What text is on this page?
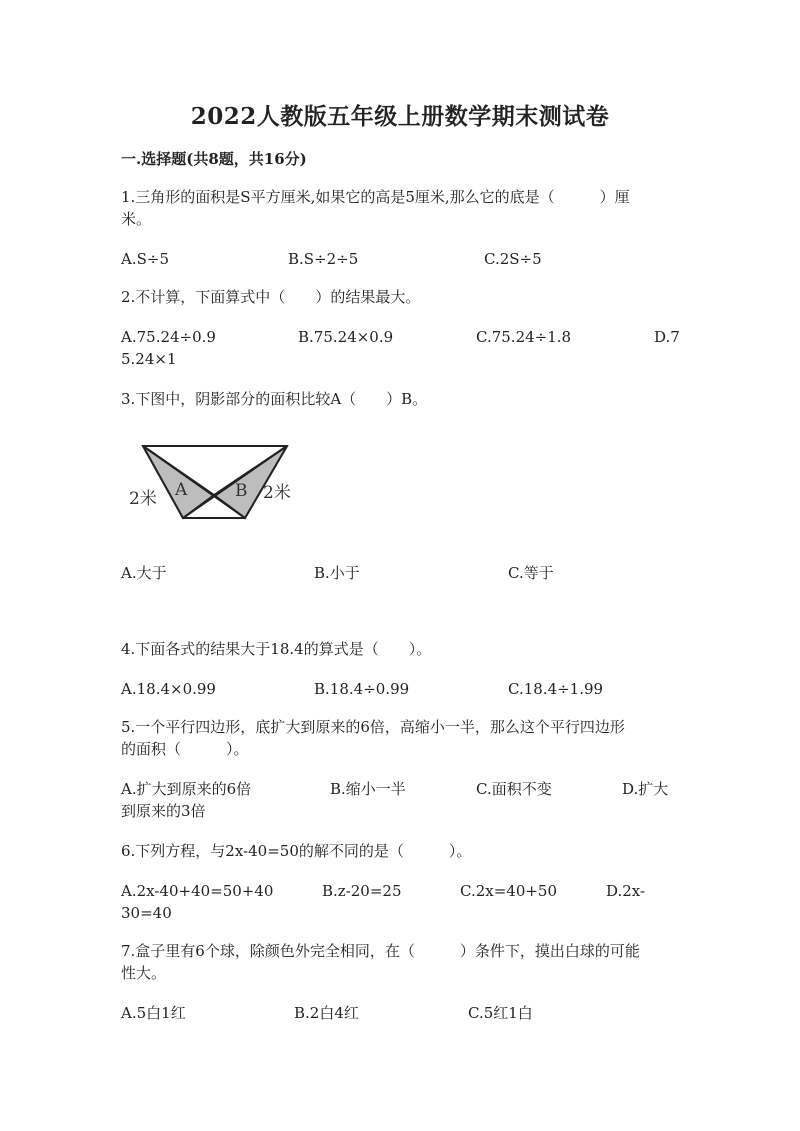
2022人教版五年级上册数学期末测试卷
一.选择题(共8题，共16分)
1.三角形的面积是S平方厘米,如果它的高是5厘米,那么它的底是（　　　）厘
米。
A.S÷5	B.S÷2÷5	C.2S÷5
2.不计算，下面算式中（　　）的结果最大。
A.75.24÷0.9	B.75.24×0.9	C.75.24÷1.8	D.7
5.24×1
3.下图中，阴影部分的面积比较A（　　）B。
A	B
2米	2米
A.大于	B.小于	C.等于
4.下面各式的结果大于18.4的算式是（　　）。
A.18.4×0.99	B.18.4÷0.99	C.18.4÷1.99
5.一个平行四边形，底扩大到原来的6倍，高缩小一半，那么这个平行四边形
的面积（　　　）。
A.扩大到原来的6倍	B.缩小一半	C.面积不变	D.扩大
到原来的3倍
6.下列方程，与2x-40=50的解不同的是（　　　）。
A.2x-40+40=50+40	B.z-20=25	C.2x=40+50	D.2x-
30=40
7.盒子里有6个球，除颜色外完全相同，在（　　　）条件下，摸出白球的可能
性大。
A.5白1红	B.2白4红	C.5红1白
